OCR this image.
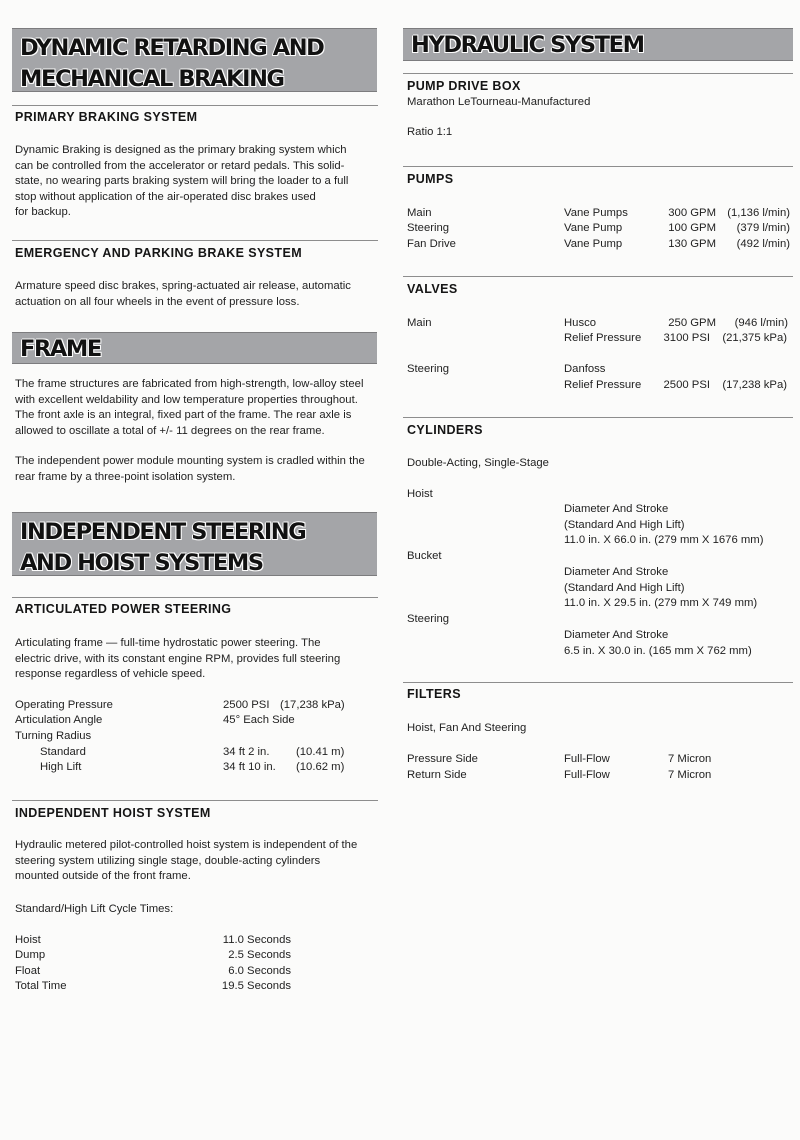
DYNAMIC RETARDING AND
MECHANICAL BRAKING
PRIMARY BRAKING SYSTEM
Dynamic Braking is designed as the primary braking system which
can be controlled from the accelerator or retard pedals. This solid-
state, no wearing parts braking system will bring the loader to a full
stop without application of the air-operated disc brakes used
for backup.
EMERGENCY AND PARKING BRAKE SYSTEM
Armature speed disc brakes, spring-actuated air release, automatic
actuation on all four wheels in the event of pressure loss.
FRAME
The frame structures are fabricated from high-strength, low-alloy steel
with excellent weldability and low temperature properties throughout.
The front axle is an integral, fixed part of the frame. The rear axle is
allowed to oscillate a total of +/- 11 degrees on the rear frame.
The independent power module mounting system is cradled within the
rear frame by a three-point isolation system.
INDEPENDENT STEERING
AND HOIST SYSTEMS
ARTICULATED POWER STEERING
Articulating frame — full-time hydrostatic power steering. The
electric drive, with its constant engine RPM, provides full steering
response regardless of vehicle speed.
Operating Pressure	2500 PSI (17,238 kPa)
Articulation Angle	45° Each Side
Turning Radius
Standard	34 ft 2 in. (10.41 m)
High Lift	34 ft 10 in. (10.62 m)
INDEPENDENT HOIST SYSTEM
Hydraulic metered pilot-controlled hoist system is independent of the
steering system utilizing single stage, double-acting cylinders
mounted outside of the front frame.
Standard/High Lift Cycle Times:
Hoist	11.0 Seconds
Dump	2.5 Seconds
Float	6.0 Seconds
Total Time	19.5 Seconds
HYDRAULIC SYSTEM
PUMP DRIVE BOX
Marathon LeTourneau-Manufactured
Ratio 1:1
PUMPS
Main	Vane Pumps	300 GPM (1,136 l/min)
Steering	Vane Pump	100 GPM	(379 l/min)
Fan Drive	Vane Pump	130 GPM	(492 l/min)
VALVES
Main	Husco	250 GPM	(946 l/min)
Relief Pressure	3100 PSI	(21,375 kPa)
Steering	Danfoss
Relief Pressure	2500 PSI	(17,238 kPa)
CYLINDERS
Double-Acting, Single-Stage
Hoist
Diameter And Stroke
(Standard And High Lift)
11.0 in. X 66.0 in. (279 mm X 1676 mm)
Bucket
Diameter And Stroke
(Standard And High Lift)
11.0 in. X 29.5 in. (279 mm X 749 mm)
Steering
Diameter And Stroke
6.5 in. X 30.0 in. (165 mm X 762 mm)
FILTERS
Hoist, Fan And Steering
Pressure Side	Full-Flow	7 Micron
Return Side	Full-Flow	7 Micron
